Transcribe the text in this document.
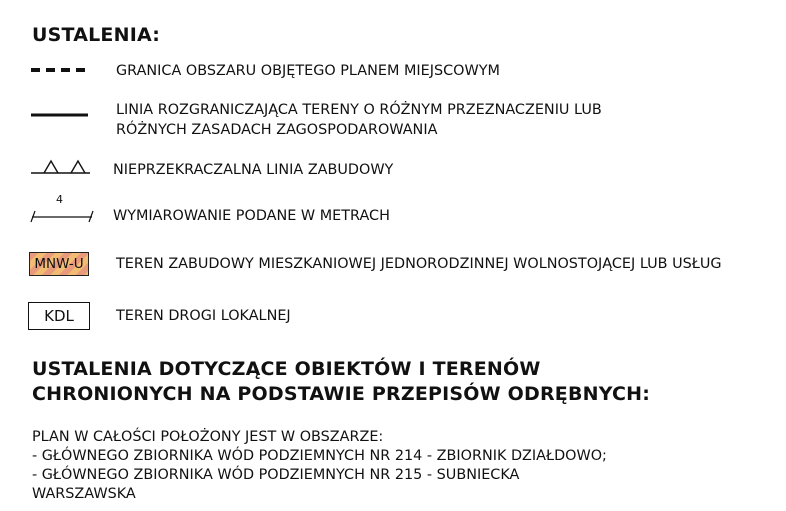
USTALENIA:
GRANICA OBSZARU OBJĘTEGO PLANEM MIEJSCOWYM
LINIA ROZGRANICZAJĄCA TERENY O RÓŻNYM PRZEZNACZENIU LUB
RÓŻNYCH ZASADACH ZAGOSPODAROWANIA
NIEPRZEKRACZALNA LINIA ZABUDOWY
4
WYMIAROWANIE PODANE W METRACH
MNW-U TEREN ZABUDOWY MIESZKANIOWEJ JEDNORODZINNEJ WOLNOSTOJĄCEJ LUB USŁUG
KDL	TEREN DROGI LOKALNEJ
USTALENIA DOTYCZĄCE OBIEKTÓW I TERENÓW
CHRONIONYCH NA PODSTAWIE PRZEPISÓW ODRĘBNYCH:
PLAN W CAŁOŚCI POŁOŻONY JEST W OBSZARZE:
- GŁÓWNEGO ZBIORNIKA WÓD PODZIEMNYCH NR 214 - ZBIORNIK DZIAŁDOWO;
- GŁÓWNEGO ZBIORNIKA WÓD PODZIEMNYCH NR 215 - SUBNIECKA
WARSZAWSKA
